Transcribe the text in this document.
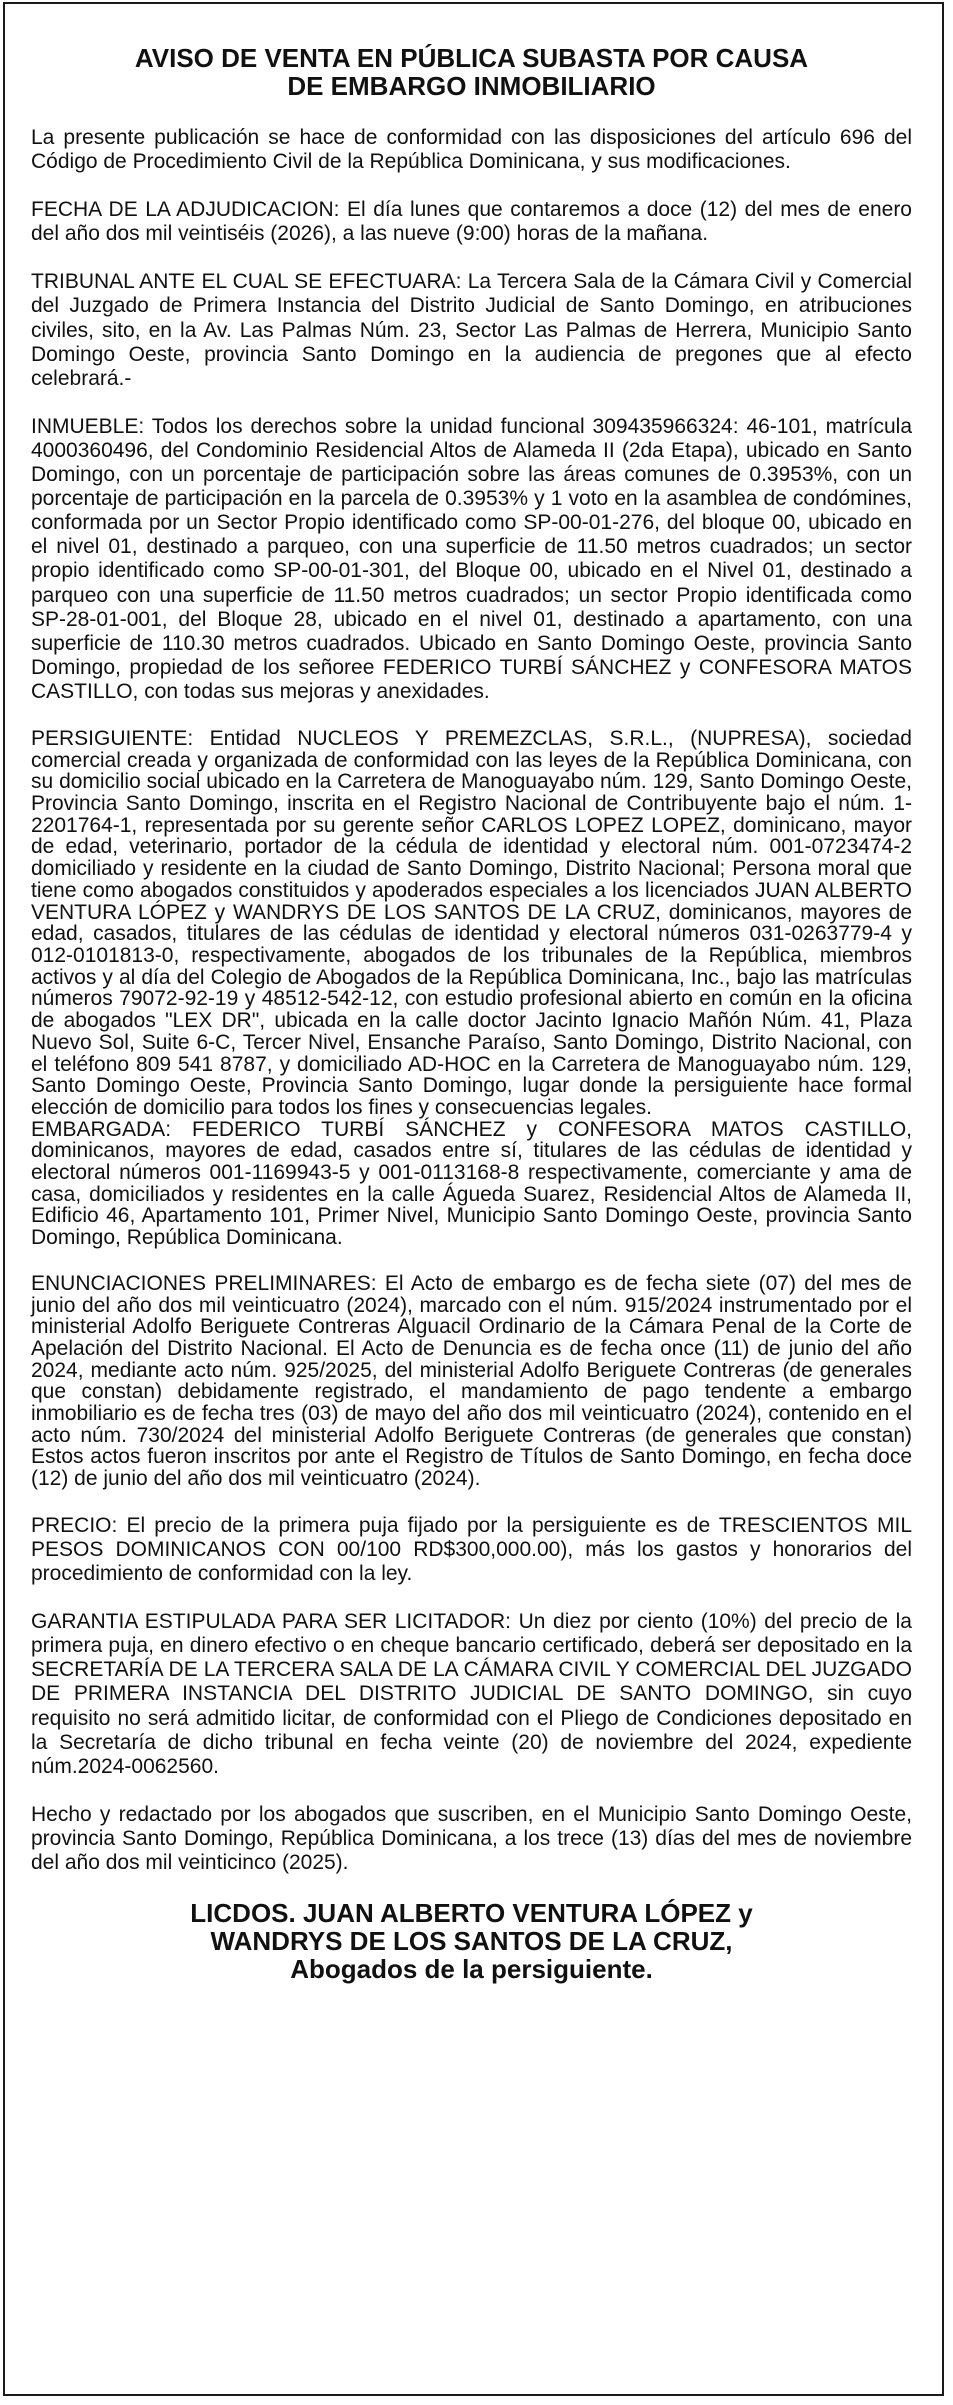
AVISO DE VENTA EN PÚBLICA SUBASTA POR CAUSA
DE EMBARGO INMOBILIARIO

La presente publicación se hace de conformidad con las disposiciones del artículo 696 del Código de Procedimiento Civil de la República Dominicana, y sus modificaciones.

FECHA DE LA ADJUDICACION: El día lunes que contaremos a doce (12) del mes de enero del año dos mil veintiséis (2026), a las nueve (9:00) horas de la mañana.

TRIBUNAL ANTE EL CUAL SE EFECTUARA: La Tercera Sala de la Cámara Civil y Comercial del Juzgado de Primera Instancia del Distrito Judicial de Santo Domingo, en atribuciones civiles, sito, en la Av. Las Palmas Núm. 23, Sector Las Palmas de Herrera, Municipio Santo Domingo Oeste, provincia Santo Domingo en la audiencia de pregones que al efecto celebrará.-

INMUEBLE: Todos los derechos sobre la unidad funcional 309435966324: 46-101, matrícula 4000360496, del Condominio Residencial Altos de Alameda II (2da Etapa), ubicado en Santo Domingo, con un porcentaje de participación sobre las áreas comunes de 0.3953%, con un porcentaje de participación en la parcela de 0.3953% y 1 voto en la asamblea de condómines, conformada por un Sector Propio identificado como SP-00-01-276, del bloque 00, ubicado en el nivel 01, destinado a parqueo, con una superficie de 11.50 metros cuadrados; un sector propio identificado como SP-00-01-301, del Bloque 00, ubicado en el Nivel 01, destinado a parqueo con una superficie de 11.50 metros cuadrados; un sector Propio identificada como SP-28-01-001, del Bloque 28, ubicado en el nivel 01, destinado a apartamento, con una superficie de 110.30 metros cuadrados. Ubicado en Santo Domingo Oeste, provincia Santo Domingo, propiedad de los señoree FEDERICO TURBÍ SÁNCHEZ y CONFESORA MATOS CASTILLO, con todas sus mejoras y anexidades.

PERSIGUIENTE: Entidad NUCLEOS Y PREMEZCLAS, S.R.L., (NUPRESA), sociedad comercial creada y organizada de conformidad con las leyes de la República Dominicana, con su domicilio social ubicado en la Carretera de Manoguayabo núm. 129, Santo Domingo Oeste, Provincia Santo Domingo, inscrita en el Registro Nacional de Contribuyente bajo el núm. 1-2201764-1, representada por su gerente señor CARLOS LOPEZ LOPEZ, dominicano, mayor de edad, veterinario, portador de la cédula de identidad y electoral núm. 001-0723474-2 domiciliado y residente en la ciudad de Santo Domingo, Distrito Nacional; Persona moral que tiene como abogados constituidos y apoderados especiales a los licenciados JUAN ALBERTO VENTURA LÓPEZ y WANDRYS DE LOS SANTOS DE LA CRUZ, dominicanos, mayores de edad, casados, titulares de las cédulas de identidad y electoral números 031-0263779-4 y 012-0101813-0, respectivamente, abogados de los tribunales de la República, miembros activos y al día del Colegio de Abogados de la República Dominicana, Inc., bajo las matrículas números 79072-92-19 y 48512-542-12, con estudio profesional abierto en común en la oficina de abogados "LEX DR", ubicada en la calle doctor Jacinto Ignacio Mañón Núm. 41, Plaza Nuevo Sol, Suite 6-C, Tercer Nivel, Ensanche Paraíso, Santo Domingo, Distrito Nacional, con el teléfono 809 541 8787, y domiciliado AD-HOC en la Carretera de Manoguayabo núm. 129, Santo Domingo Oeste, Provincia Santo Domingo, lugar donde la persiguiente hace formal elección de domicilio para todos los fines y consecuencias legales.

EMBARGADA: FEDERICO TURBÍ SÁNCHEZ y CONFESORA MATOS CASTILLO, dominicanos, mayores de edad, casados entre sí, titulares de las cédulas de identidad y electoral números 001-1169943-5 y 001-0113168-8 respectivamente, comerciante y ama de casa, domiciliados y residentes en la calle Águeda Suarez, Residencial Altos de Alameda II, Edificio 46, Apartamento 101, Primer Nivel, Municipio Santo Domingo Oeste, provincia Santo Domingo, República Dominicana.

ENUNCIACIONES PRELIMINARES: El Acto de embargo es de fecha siete (07) del mes de junio del año dos mil veinticuatro (2024), marcado con el núm. 915/2024 instrumentado por el ministerial Adolfo Beriguete Contreras Alguacil Ordinario de la Cámara Penal de la Corte de Apelación del Distrito Nacional. El Acto de Denuncia es de fecha once (11) de junio del año 2024, mediante acto núm. 925/2025, del ministerial Adolfo Beriguete Contreras (de generales que constan) debidamente registrado, el mandamiento de pago tendente a embargo inmobiliario es de fecha tres (03) de mayo del año dos mil veinticuatro (2024), contenido en el acto núm. 730/2024 del ministerial Adolfo Beriguete Contreras (de generales que constan) Estos actos fueron inscritos por ante el Registro de Títulos de Santo Domingo, en fecha doce (12) de junio del año dos mil veinticuatro (2024).

PRECIO: El precio de la primera puja fijado por la persiguiente es de TRESCIENTOS MIL PESOS DOMINICANOS CON 00/100 RD$300,000.00), más los gastos y honorarios del procedimiento de conformidad con la ley.

GARANTIA ESTIPULADA PARA SER LICITADOR: Un diez por ciento (10%) del precio de la primera puja, en dinero efectivo o en cheque bancario certificado, deberá ser depositado en la SECRETARÍA DE LA TERCERA SALA DE LA CÁMARA CIVIL Y COMERCIAL DEL JUZGADO DE PRIMERA INSTANCIA DEL DISTRITO JUDICIAL DE SANTO DOMINGO, sin cuyo requisito no será admitido licitar, de conformidad con el Pliego de Condiciones depositado en la Secretaría de dicho tribunal en fecha veinte (20) de noviembre del 2024, expediente núm.2024-0062560.

Hecho y redactado por los abogados que suscriben, en el Municipio Santo Domingo Oeste, provincia Santo Domingo, República Dominicana, a los trece (13) días del mes de noviembre del año dos mil veinticinco (2025).

LICDOS. JUAN ALBERTO VENTURA LÓPEZ y
WANDRYS DE LOS SANTOS DE LA CRUZ,
Abogados de la persiguiente.
